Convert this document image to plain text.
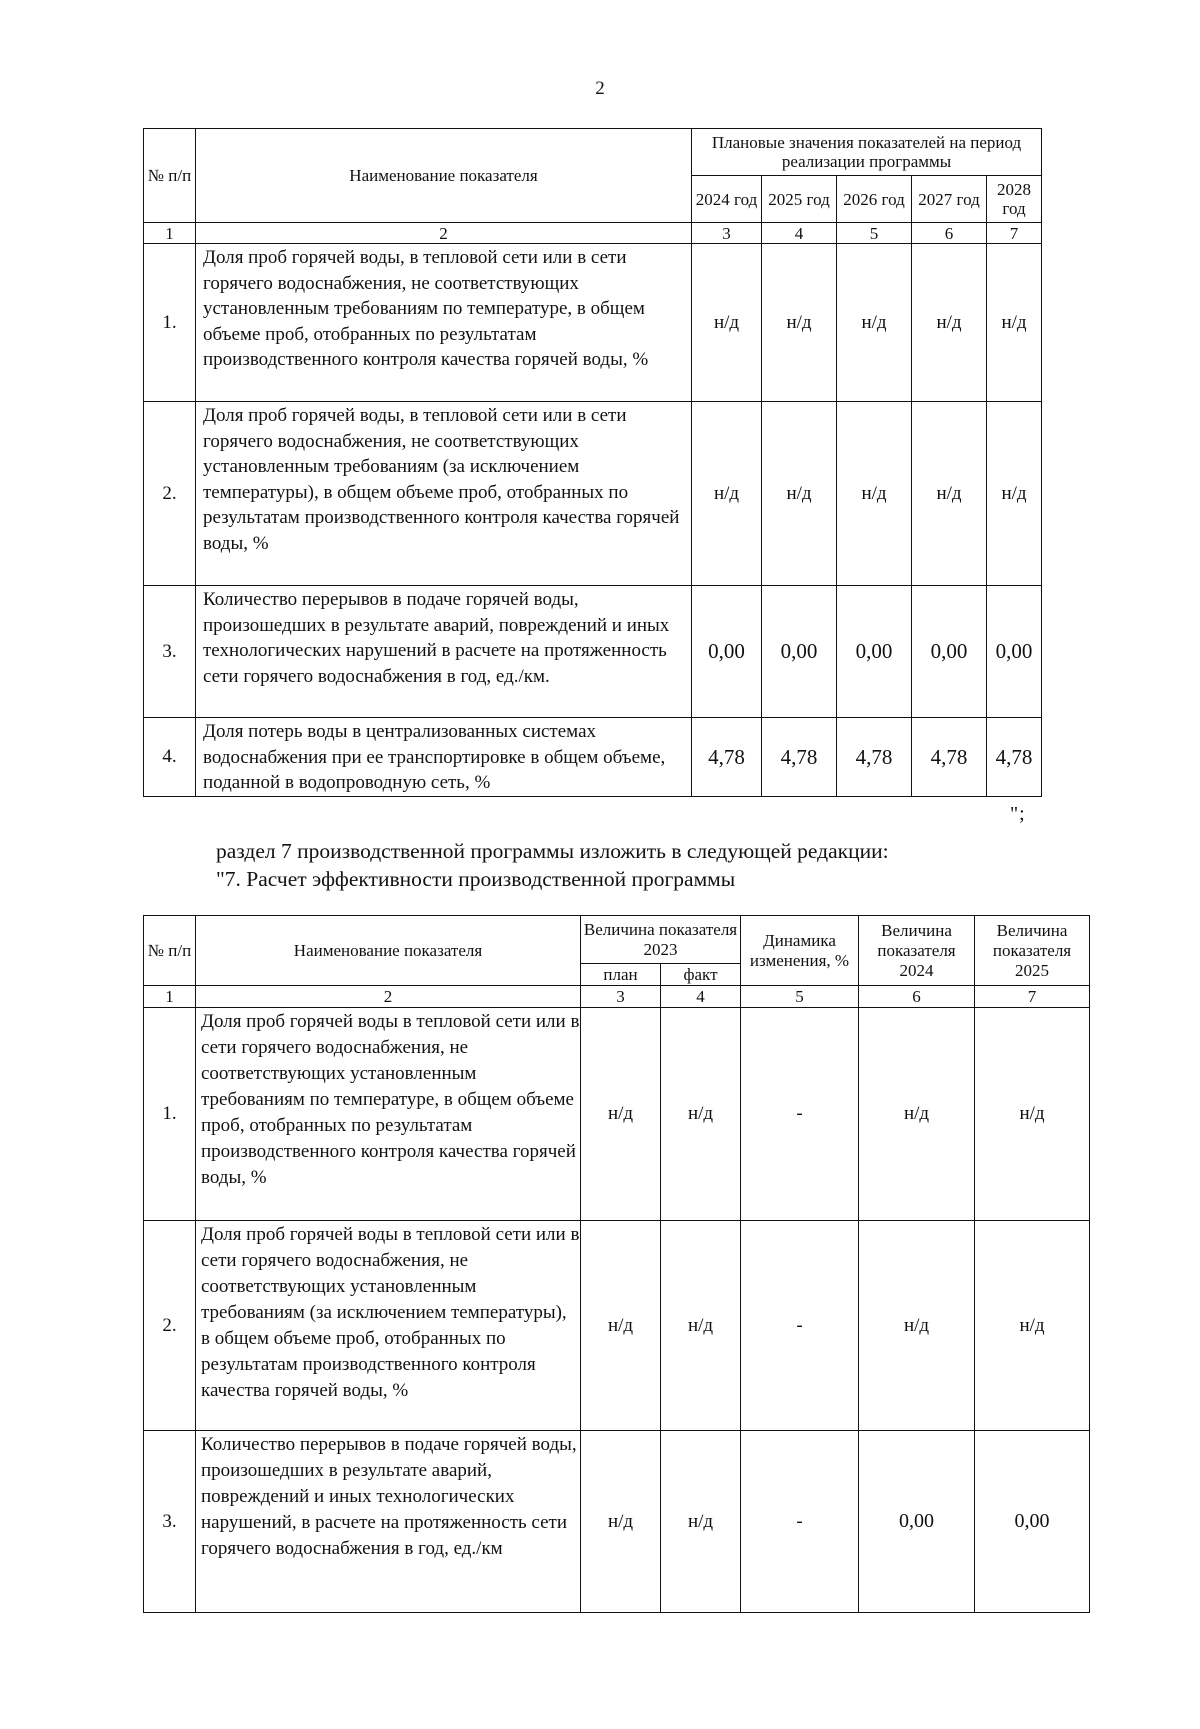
2
№ п/п	Наименование показателя	Плановые значения показателей на период реализации программы				
		2024 год	2025 год	2026 год	2027 год	2028 год
1	2	3	4	5	6	7
1.	Доля проб горячей воды, в тепловой сети или в сети горячего водоснабжения, не соответствующих установленным требованиям по температуре, в общем объеме проб, отобранных по результатам производственного контроля качества горячей воды, %	н/д	н/д	н/д	н/д	н/д
2.	Доля проб горячей воды, в тепловой сети или в сети горячего водоснабжения, не соответствующих установленным требованиям (за исключением температуры), в общем объеме проб, отобранных по результатам производственного контроля качества горячей воды, %	н/д	н/д	н/д	н/д	н/д
3.	Количество перерывов в подаче горячей воды, произошедших в результате аварий, повреждений и иных технологических нарушений в расчете на протяженность сети горячего водоснабжения в год, ед./км.	0,00	0,00	0,00	0,00	0,00
4.	Доля потерь воды в централизованных системах водоснабжения при ее транспортировке в общем объеме, поданной в водопроводную сеть, %	4,78	4,78	4,78	4,78	4,78
";
раздел 7 производственной программы изложить в следующей редакции:
"7. Расчет эффективности производственной программы
№ п/п	Наименование показателя	Величина показателя 2023		Динамика изменения, %	Величина показателя 2024	Величина показателя 2025
		план	факт			
1	2	3	4	5	6	7
1.	Доля проб горячей воды в тепловой сети или в сети горячего водоснабжения, не соответствующих установленным требованиям по температуре, в общем объеме проб, отобранных по результатам производственного контроля качества горячей воды, %	н/д	н/д	-	н/д	н/д
2.	Доля проб горячей воды в тепловой сети или в сети горячего водоснабжения, не соответствующих установленным требованиям (за исключением температуры), в общем объеме проб, отобранных по результатам производственного контроля качества горячей воды, %	н/д	н/д	-	н/д	н/д
3.	Количество перерывов в подаче горячей воды, произошедших в результате аварий, повреждений и иных технологических нарушений, в расчете на протяженность сети горячего водоснабжения в год, ед./км	н/д	н/д	-	0,00	0,00
